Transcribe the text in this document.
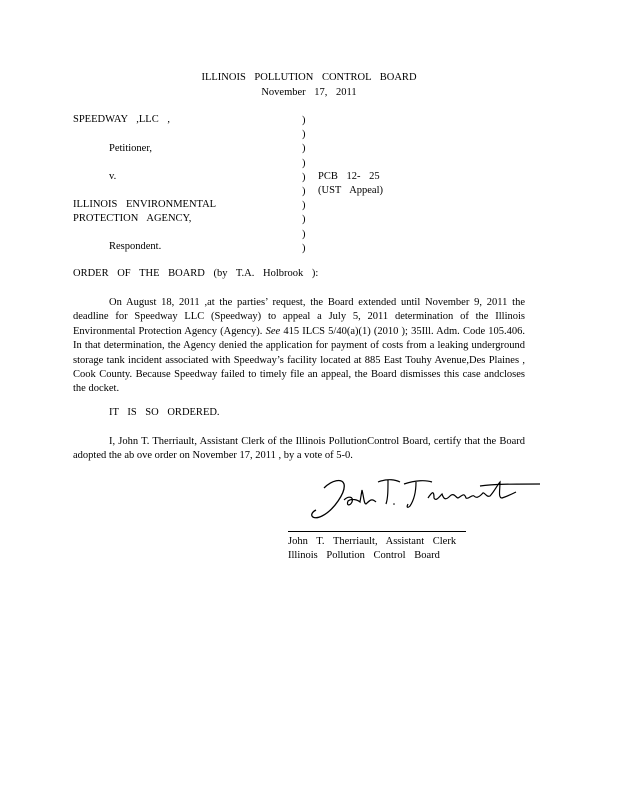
ILLINOIS POLLUTION CONTROL BOARD
November 17, 2011
SPEEDWAY ,LLC ,
Petitioner,
v.
ILLINOIS ENVIRONMENTAL
PROTECTION AGENCY,
Respondent.
)
)
)
)
)
)
)
)
)
)
PCB 12- 25
(UST Appeal)
ORDER OF THE BOARD (by T.A. Holbrook ):
On August 18, 2011 ,at the parties’ request, the Board extended until November 9, 2011 the deadline for Speedway LLC (Speedway) to appeal a July 5, 2011 determination of the Illinois Environmental Protection Agency (Agency). See 415 ILCS 5/40(a)(1) (2010 ); 35Ill. Adm. Code 105.406. In that determination, the Agency denied the application for payment of costs from a leaking underground storage tank incident associated with Speedway’s facility located at 885 East Touhy Avenue,Des Plaines , Cook County. Because Speedway failed to timely file an appeal, the Board dismisses this case andcloses the docket.
IT IS SO ORDERED.
I, John T. Therriault, Assistant Clerk of the Illinois PollutionControl Board, certify that the Board adopted the ab ove order on November 17, 2011 , by a vote of 5-0.
John T. Therriault, Assistant Clerk
Illinois Pollution Control Board
